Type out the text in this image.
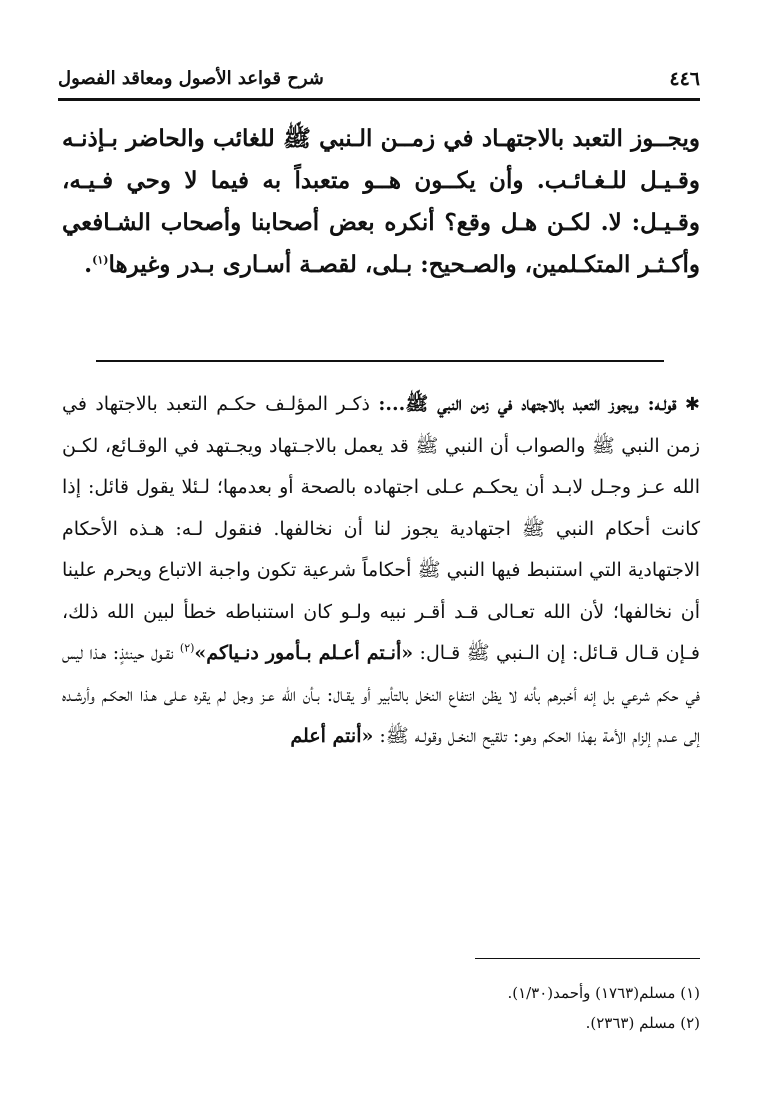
٤٤٦
شرح قواعد الأصول ومعاقد الفصول
ويجــوز التعبد بالاجتهـاد في زمــن الـنبي ﷺ للغائب والحاضر بـإذنـه وقـيـل للـغـائـب. وأن يكــون هــو متعبداً به فيما لا وحي فـيـه، وقـيـل: لا. لكـن هـل وقع؟ أنكره بعض أصحابنا وأصحاب الشـافعي وأكـثـر المتكـلمين، والصـحيح: بـلى، لقصـة أسـارى بـدر وغيرها$^{(١)}$.
✱ قولـه: ويجوز التعبد بالاجتهاد في زمن النبي ﷺ...: ذكـر المؤلـف حكـم التعبد بالاجتهاد في زمن النبي ﷺ والصواب أن النبي ﷺ قد يعمل بالاجـتهاد ويجـتهد في الوقـائع، لكـن الله عـز وجـل لابـد أن يحكـم عـلى اجتهاده بالصحة أو بعدمها؛ لـئلا يقول قائل: إذا كانت أحكام النبي ﷺ اجتهادية يجوز لنا أن نخالفها. فنقول لـه: هـذه الأحكام الاجتهادية التي استنبط فيها النبي ﷺ أحكاماً شرعية تكون واجبة الاتباع ويحرم علينا أن نخالفها؛ لأن الله تعـالى قـد أقـر نبيه ولـو كان استنباطه خطأ لبين الله ذلك، فـإن قـال قـائل: إن الـنبي ﷺ قـال: «أنـتم أعـلم بـأمور دنـياكم»$^{(٢)}$ نقـول حينئذٍ: هـذا ليس في حكم شرعي بل إنه أخبرهم بأنه لا يظن انتفاع النخل بالتأبير أو يقـال: بـأن الله عـز وجل لم يقره عـلى هـذا الحكـم وأرشـده إلى عـدم إلزام الأمة بهذا الحكم وهو: تلقيح النخـل وقولـه ﷺ: «أنتم أعلم
(١) مسلم(١٧٦٣) وأحمد(١/٣٠).
(٢) مسلم (٢٣٦٣).
